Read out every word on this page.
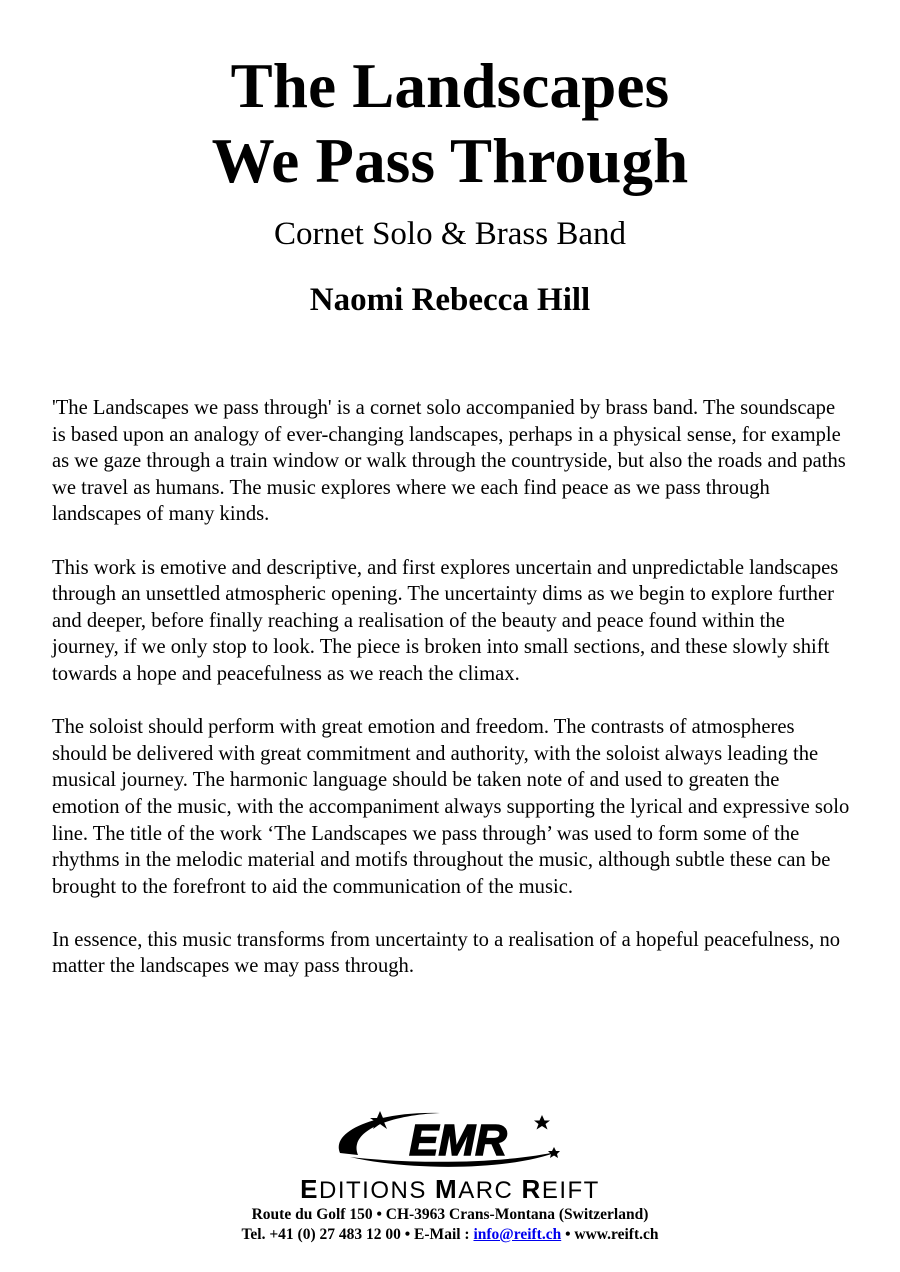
The Landscapes
We Pass Through
Cornet Solo & Brass Band
Naomi Rebecca Hill

'The Landscapes we pass through' is a cornet solo accompanied by brass band. The soundscape is based upon an analogy of ever-changing landscapes, perhaps in a physical sense, for example as we gaze through a train window or walk through the countryside, but also the roads and paths we travel as humans. The music explores where we each find peace as we pass through landscapes of many kinds.

This work is emotive and descriptive, and first explores uncertain and unpredictable landscapes through an unsettled atmospheric opening. The uncertainty dims as we begin to explore further and deeper, before finally reaching a realisation of the beauty and peace found within the journey, if we only stop to look. The piece is broken into small sections, and these slowly shift towards a hope and peacefulness as we reach the climax.

The soloist should perform with great emotion and freedom. The contrasts of atmospheres should be delivered with great commitment and authority, with the soloist always leading the musical journey. The harmonic language should be taken note of and used to greaten the emotion of the music, with the accompaniment always supporting the lyrical and expressive solo line. The title of the work ‘The Landscapes we pass through’ was used to form some of the rhythms in the melodic material and motifs throughout the music, although subtle these can be brought to the forefront to aid the communication of the music.

In essence, this music transforms from uncertainty to a realisation of a hopeful peacefulness, no matter the landscapes we may pass through.

EMR
EDITIONS MARC REIFT
Route du Golf 150 • CH-3963 Crans-Montana (Switzerland)
Tel. +41 (0) 27 483 12 00 • E-Mail : info@reift.ch • www.reift.ch
